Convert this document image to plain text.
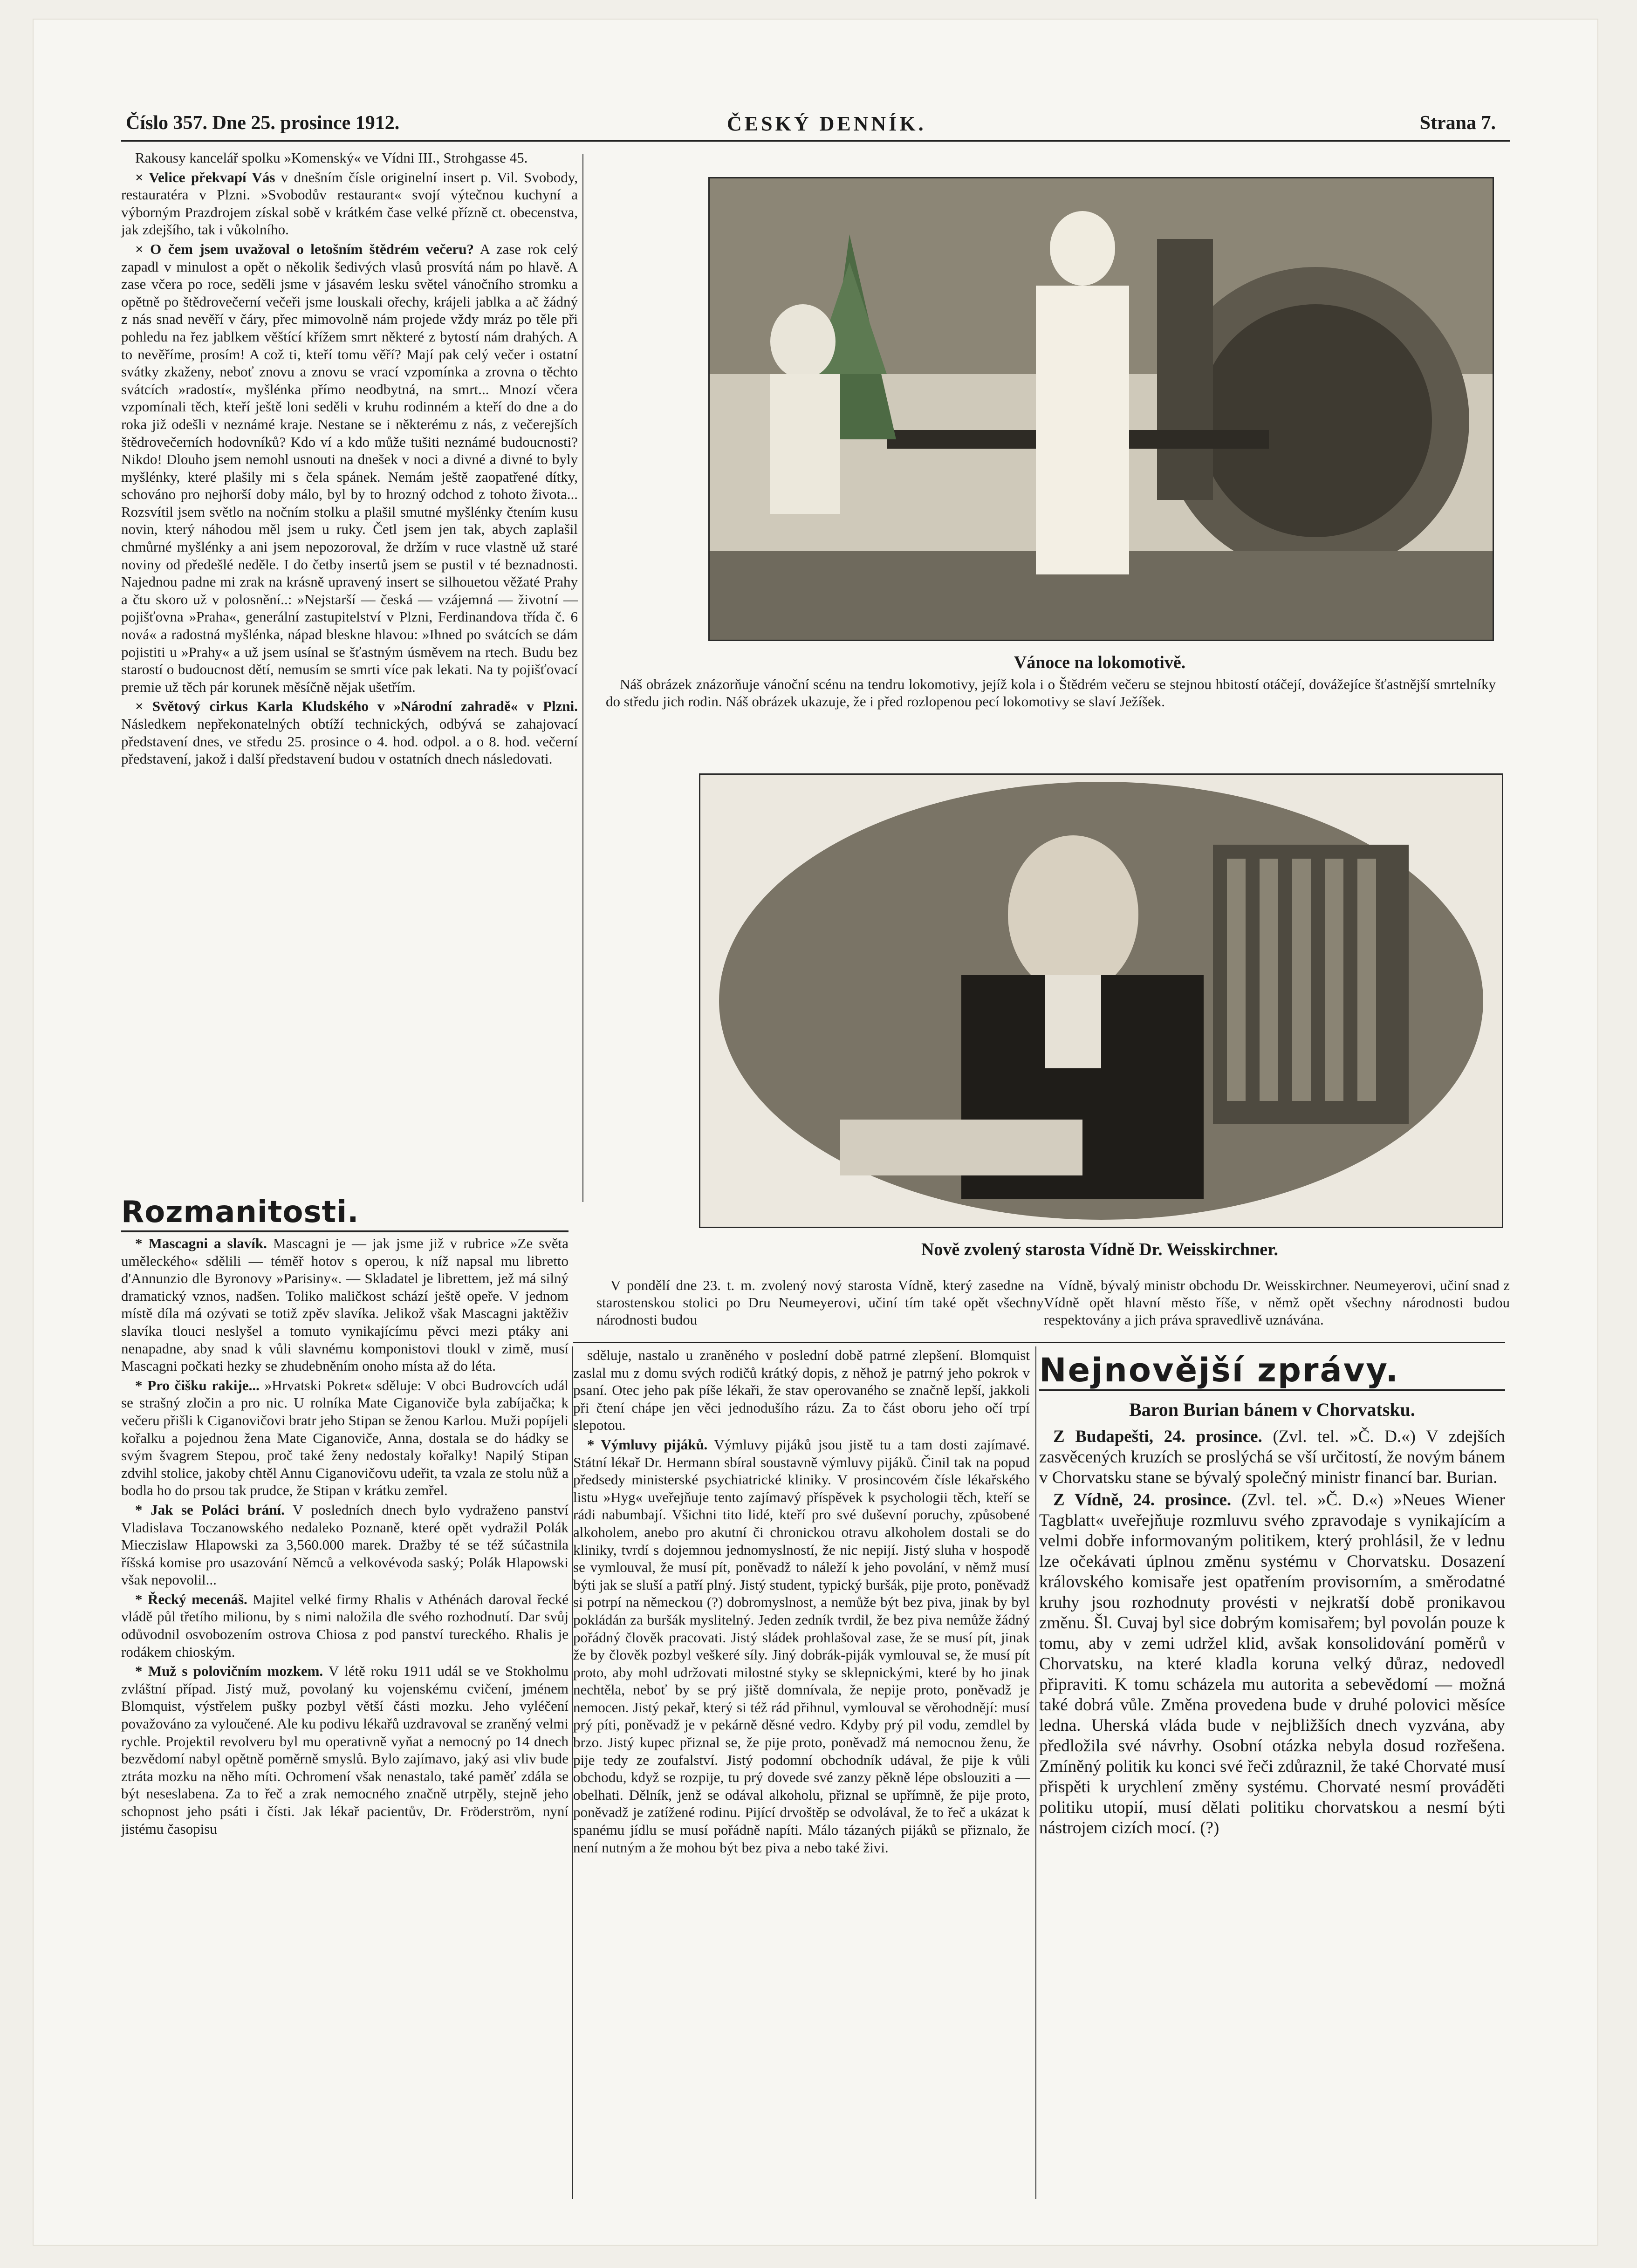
Číslo 357. Dne 25. prosince 1912.	ČESKÝ DENNÍK.	Strana 7.

Rakousy kancelář spolku »Komenský« ve Vídni III., Strohgasse 45.

× Velice překvapí Vás v dnešním čísle originelní insert p. Vil. Svobody, restauratéra v Plzni. »Svobodův restaurant« svojí výtečnou kuchyní a výborným Prazdrojem získal sobě v krátkém čase velké přízně ct. obecenstva, jak zdejšího, tak i vůkolního.

× O čem jsem uvažoval o letošním štědrém večeru? A zase rok celý zapadl v minulost a opět o několik šedivých vlasů prosvítá nám po hlavě. A zase včera po roce, seděli jsme v jásavém lesku světel vánočního stromku a opětně po štědrovečerní večeři jsme louskali ořechy, krájeli jablka a ač žádný z nás snad nevěří v čáry, přec mimovolně nám projede vždy mráz po těle při pohledu na řez jablkem věštící křížem smrt některé z bytostí nám drahých. A to nevěříme, prosím! A což ti, kteří tomu věří? Mají pak celý večer i ostatní svátky zkaženy, neboť znovu a znovu se vrací vzpomínka a zrovna o těchto svátcích »radostí«, myšlénka přímo neodbytná, na smrt... Mnozí včera vzpomínali těch, kteří ještě loni seděli v kruhu rodinném a kteří do dne a do roka již odešli v neznámé kraje. Nestane se i některému z nás, z večerejších štědrovečerních hodovníků? Kdo ví a kdo může tušiti neznámé budoucnosti? Nikdo! Dlouho jsem nemohl usnouti na dnešek v noci a divné a divné to byly myšlénky, které plašily mi s čela spánek. Nemám ještě zaopatřené dítky, schováno pro nejhorší doby málo, byl by to hrozný odchod z tohoto života... Rozsvítil jsem světlo na nočním stolku a plašil smutné myšlénky čtením kusu novin, který náhodou měl jsem u ruky. Četl jsem jen tak, abych zaplašil chmůrné myšlénky a ani jsem nepozoroval, že držím v ruce vlastně už staré noviny od předešlé neděle. I do četby insertů jsem se pustil v té beznadnosti. Najednou padne mi zrak na krásně upravený insert se silhouetou věžaté Prahy a čtu skoro už v polosnění..: »Nejstarší — česká — vzájemná — životní — pojišťovna »Praha«, generální zastupitelství v Plzni, Ferdinandova třída č. 6 nová« a radostná myšlénka, nápad bleskne hlavou: »Ihned po svátcích se dám pojistiti u »Prahy« a už jsem usínal se šťastným úsměvem na rtech. Budu bez starostí o budoucnost dětí, nemusím se smrti více pak lekati. Na ty pojišťovací premie už těch pár korunek měsíčně nějak ušetřím.

× Světový cirkus Karla Kludského v »Národní zahradě« v Plzni. Následkem nepřekonatelných obtíží technických, odbývá se zahajovací představení dnes, ve středu 25. prosince o 4. hod. odpol. a o 8. hod. večerní představení, jakož i další představení budou v ostatních dnech následovati.

Vánoce na lokomotivě.
Náš obrázek znázorňuje vánoční scénu na tendru lokomotivy, jejíž kola i o Štědrém večeru se stejnou hbitostí otáčejí, dovážejíce šťastnější smrtelníky do středu jich rodin. Náš obrázek ukazuje, že i před rozlopenou pecí lokomotivy se slaví Ježíšek.
Nově zvolený starosta Vídně Dr. Weisskirchner.
V pondělí dne 23. t. m. zvolený nový starosta Vídně, který zasedne na starostenskou stolici po Dru Neumeyerovi, učiní tím také opět všechny národnosti budou
Vídně, bývalý ministr obchodu Dr. Weisskirchner. Neumeyerovi, učiní snad z Vídně opět hlavní město říše, v němž opět všechny národnosti budou respektovány a jich práva spravedlivě uznávána.
Rozmanitosti.

* Mascagni a slavík. Mascagni je — jak jsme již v rubrice »Ze světa uměleckého« sdělili — téměř hotov s operou, k níž napsal mu libretto d'Annunzio dle Byronovy »Parisiny«. — Skladatel je librettem, jež má silný dramatický vznos, nadšen. Toliko maličkost schází ještě opeře. V jednom místě díla má ozývati se totiž zpěv slavíka. Jelikož však Mascagni jaktěživ slavíka tlouci neslyšel a tomuto vynikajícímu pěvci mezi ptáky ani nenapadne, aby snad k vůli slavnému komponistovi tloukl v zimě, musí Mascagni počkati hezky se zhudebněním onoho místa až do léta.

* Pro čišku rakije... »Hrvatski Pokret« sděluje: V obci Budrovcích udál se strašný zločin a pro nic. U rolníka Mate Ciganoviče byla zabíjačka; k večeru přišli k Ciganovičovi bratr jeho Stipan se ženou Karlou. Muži popíjeli kořalku a pojednou žena Mate Ciganoviče, Anna, dostala se do hádky se svým švagrem Stepou, proč také ženy nedostaly kořalky! Napilý Stipan zdvihl stolice, jakoby chtěl Annu Ciganovičovu udeřit, ta vzala ze stolu nůž a bodla ho do prsou tak prudce, že Stipan v krátku zemřel.

* Jak se Poláci brání. V posledních dnech bylo vydraženo panství Vladislava Toczanowského nedaleko Poznaně, které opět vydražil Polák Mieczislaw Hlapowski za 3,560.000 marek. Dražby té se též súčastnila říšská komise pro usazování Němců a velkovévoda saský; Polák Hlapowski však nepovolil...

* Řecký mecenáš. Majitel velké firmy Rhalis v Athénách daroval řecké vládě půl třetího milionu, by s nimi naložila dle svého rozhodnutí. Dar svůj odůvodnil osvobozením ostrova Chiosa z pod panství tureckého. Rhalis je rodákem chioským.

* Muž s polovičním mozkem. V létě roku 1911 udál se ve Stokholmu zvláštní případ. Jistý muž, povolaný ku vojenskému cvičení, jménem Blomquist, výstřelem pušky pozbyl větší části mozku. Jeho vyléčení považováno za vyloučené. Ale ku podivu lékařů uzdravoval se zraněný velmi rychle. Projektil revolveru byl mu operativně vyňat a nemocný po 14 dnech bezvědomí nabyl opětně poměrně smyslů. Bylo zajímavo, jaký asi vliv bude ztráta mozku na něho míti. Ochromení však nenastalo, také paměť zdála se být neseslabena. Za to řeč a zrak nemocného značně utrpěly, stejně jeho schopnost jeho psáti i čísti. Jak lékař pacientův, Dr. Fröderström, nyní jistému časopisu

sděluje, nastalo u zraněného v poslední době patrné zlepšení. Blomquist zaslal mu z domu svých rodičů krátký dopis, z něhož je patrný jeho pokrok v psaní. Otec jeho pak píše lékaři, že stav operovaného se značně lepší, jakkoli při čtení chápe jen věci jednodušího rázu. Za to část oboru jeho očí trpí slepotou.

* Výmluvy pijáků. Výmluvy pijáků jsou jistě tu a tam dosti zajímavé. Státní lékař Dr. Hermann sbíral soustavně výmluvy pijáků. Činil tak na popud předsedy ministerské psychiatrické kliniky. V prosincovém čísle lékařského listu »Hyg« uveřejňuje tento zajímavý příspěvek k psychologii těch, kteří se rádi nabumbají. Všichni tito lidé, kteří pro své duševní poruchy, způsobené alkoholem, anebo pro akutní či chronickou otravu alkoholem dostali se do kliniky, tvrdí s dojemnou jednomyslností, že nic nepijí. Jistý sluha v hospodě se vymlouval, že musí pít, poněvadž to náleží k jeho povolání, v němž musí býti jak se sluší a patří plný. Jistý student, typický buršák, pije proto, poněvadž si potrpí na německou (?) dobromyslnost, a nemůže být bez piva, jinak by byl pokládán za buršák myslitelný. Jeden zedník tvrdil, že bez piva nemůže žádný pořádný člověk pracovati. Jistý sládek prohlašoval zase, že se musí pít, jinak že by člověk pozbyl veškeré síly. Jiný dobrák-piják vymlouval se, že musí pít proto, aby mohl udržovati milostné styky se sklepnickými, které by ho jinak nechtěla, neboť by se prý jiště domnívala, že nepije proto, poněvadž je nemocen. Jistý pekař, který si též rád přihnul, vymlouval se věrohodnějí: musí prý píti, poněvadž je v pekárně děsné vedro. Kdyby prý pil vodu, zemdlel by brzo. Jistý kupec přiznal se, že pije proto, poněvadž má nemocnou ženu, že pije tedy ze zoufalství. Jistý podomní obchodník udával, že pije k vůli obchodu, když se rozpije, tu prý dovede své zanzy pěkně lépe obslouziti a — obelhati. Dělník, jenž se odával alkoholu, přiznal se upřímně, že pije proto, poněvadž je zatížené rodinu. Pijící drvoštěp se odvolával, že to řeč a ukázat k spanému jídlu se musí pořádně napíti. Málo tázaných pijáků se přiznalo, že není nutným a že mohou být bez piva a nebo také živi.

Nejnovější zprávy.
Baron Burian bánem v Chorvatsku.

Z Budapešti, 24. prosince. (Zvl. tel. »Č. D.«) V zdejších zasvěcených kruzích se proslýchá se vší určitostí, že novým bánem v Chorvatsku stane se bývalý společný ministr financí bar. Burian.

Z Vídně, 24. prosince. (Zvl. tel. »Č. D.«) »Neues Wiener Tagblatt« uveřejňuje rozmluvu svého zpravodaje s vynikajícím a velmi dobře informovaným politikem, který prohlásil, že v lednu lze očekávati úplnou změnu systému v Chorvatsku. Dosazení královského komisaře jest opatřením provisorním, a směrodatné kruhy jsou rozhodnuty provésti v nejkratší době pronikavou změnu. Šl. Cuvaj byl sice dobrým komisařem; byl povolán pouze k tomu, aby v zemi udržel klid, avšak konsolidování poměrů v Chorvatsku, na které kladla koruna velký důraz, nedovedl připraviti. K tomu scházela mu autorita a sebevědomí — možná také dobrá vůle. Změna provedena bude v druhé polovici měsíce ledna. Uherská vláda bude v nejbližších dnech vyzvána, aby předložila své návrhy. Osobní otázka nebyla dosud rozřešena. Zmíněný politik ku konci své řeči zdůraznil, že také Chorvaté musí přispěti k urychlení změny systému. Chorvaté nesmí prováděti politiku utopií, musí dělati politiku chorvatskou a nesmí býti nástrojem cizích mocí. (?)
